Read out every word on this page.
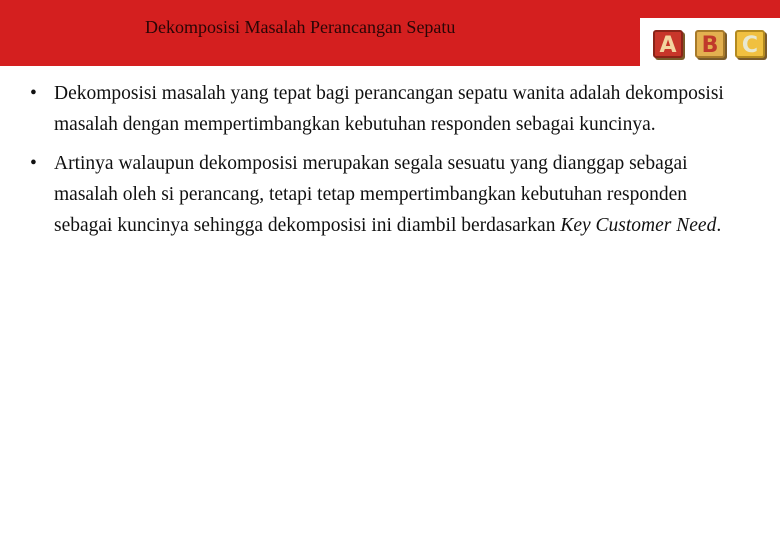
Dekomposisi Masalah Perancangan Sepatu
A	B	C
• Dekomposisi masalah yang tepat bagi perancangan sepatu wanita adalah dekomposisi masalah dengan mempertimbangkan kebutuhan responden sebagai kuncinya.
• Artinya walaupun dekomposisi merupakan segala sesuatu yang dianggap sebagai masalah oleh si perancang, tetapi tetap mempertimbangkan kebutuhan responden sebagai kuncinya sehingga dekomposisi ini diambil berdasarkan Key Customer Need.
